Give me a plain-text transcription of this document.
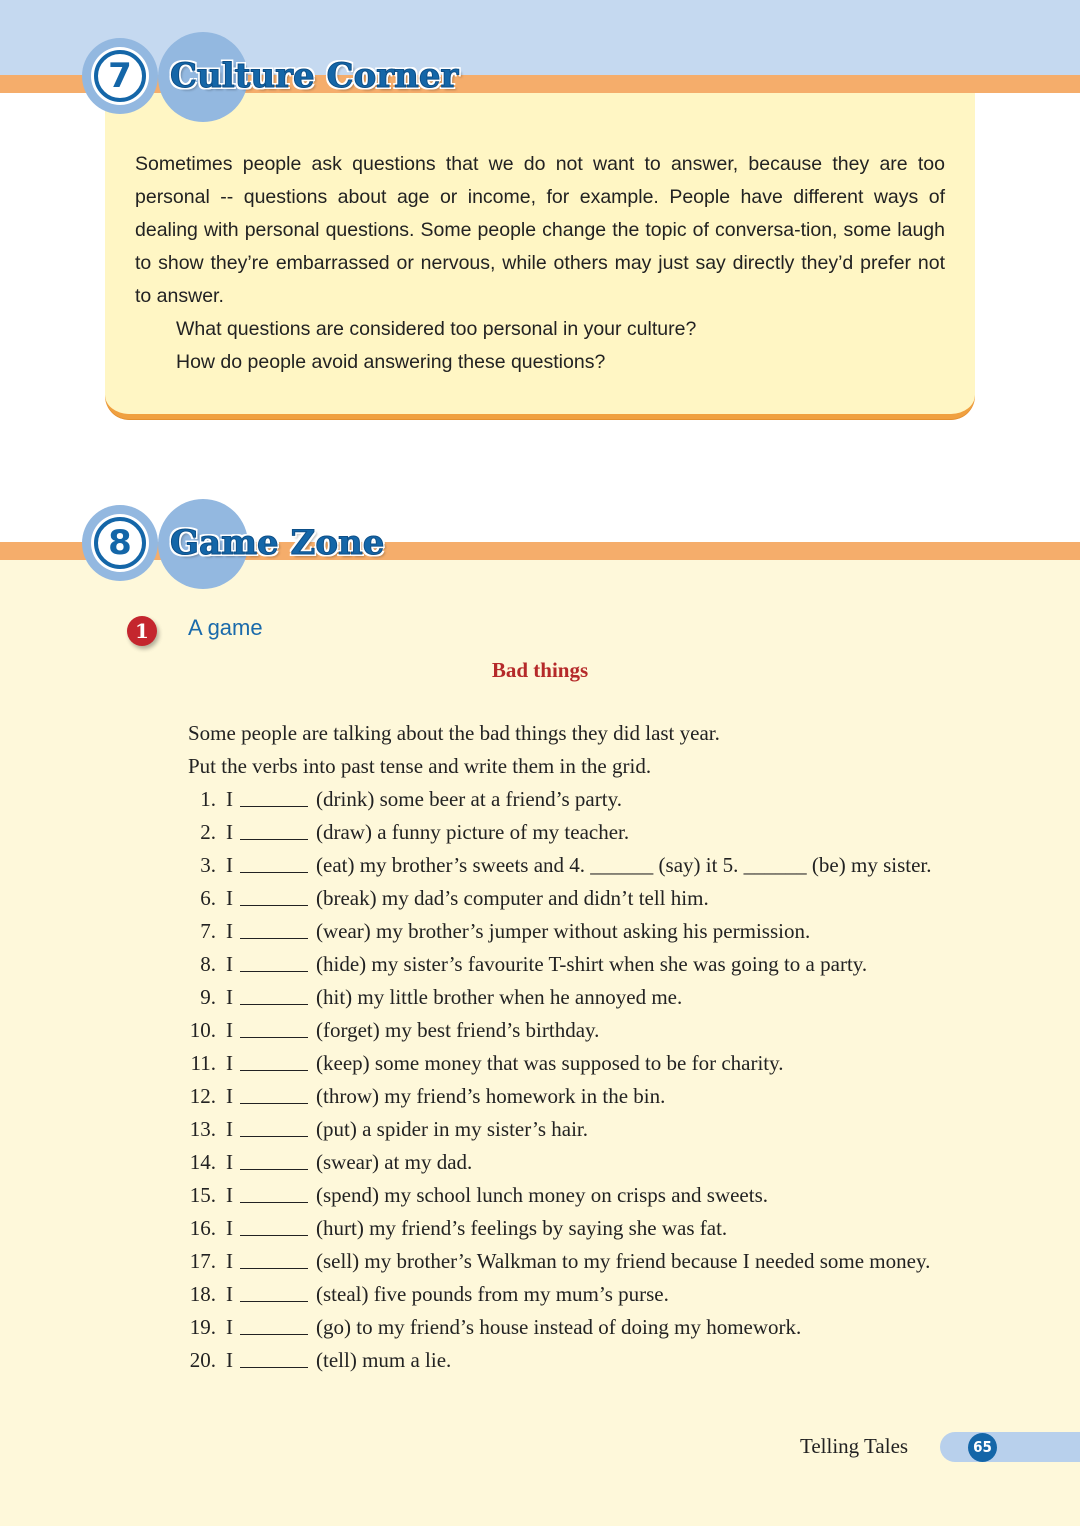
7	Culture Corner

Sometimes people ask questions that we do not want to answer, because they are too personal -- questions about age or income, for example. People have different ways of dealing with personal questions. Some people change the topic of conversa-tion, some laugh to show they’re embarrassed or nervous, while others may just say directly they’d prefer not to answer.

What questions are considered too personal in your culture?

How do people avoid answering these questions?

8	Game Zone
1	A game
Bad things
Some people are talking about the bad things they did last year.
Put the verbs into past tense and write them in the grid.
1. I	(drink)
some beer at a friend’s party.
2. I	(draw)
a funny picture of my teacher.
3. I	(eat)
my brother’s sweets and 4. ______ (say) it 5. ______ (be) my sister.
6. I	(break)
my dad’s computer and didn’t tell him.
7. I	(wear)
my brother’s jumper without asking his permission.
8. I	(hide)
my sister’s favourite T-shirt when she was going to a party.
9. I	(hit)
my little brother when he annoyed me.
10. I	(forget)
my best friend’s birthday.
11. I	(keep)
some money that was supposed to be for charity.
12. I	(throw)
my friend’s homework in the bin.
13. I	(put)
a spider in my sister’s hair.
14. I	(swear)
at my dad.
15. I	(spend)
my school lunch money on crisps and sweets.
16. I	(hurt)
my friend’s feelings by saying she was fat.
17. I	(sell)
my brother’s Walkman to my friend because I needed some money.
18. I	(steal)
five pounds from my mum’s purse.
19. I	(go)
to my friend’s house instead of doing my homework.
20. I	(tell)
mum a lie.
Telling Tales	65
